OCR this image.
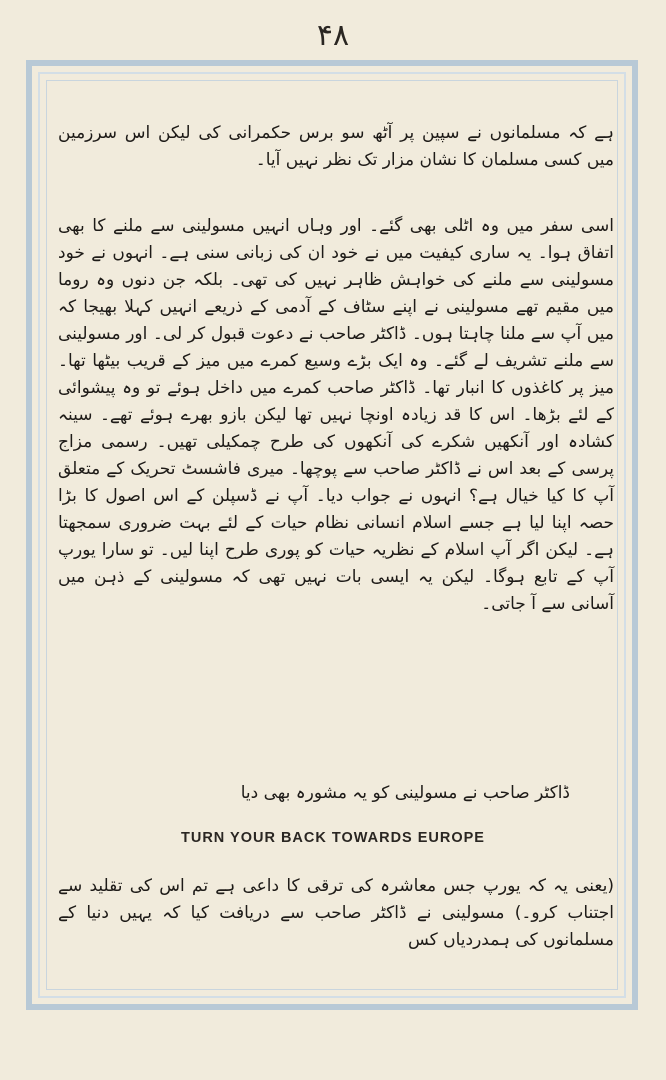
۴۸
ہے کہ مسلمانوں نے سپین پر آٹھ سو برس حکمرانی کی لیکن اس سرزمین میں کسی مسلمان کا نشان مزار تک نظر نہیں آیا۔
اسی سفر میں وہ اٹلی بھی گئے۔ اور وہاں انہیں مسولینی سے ملنے کا بھی اتفاق ہوا۔ یہ ساری کیفیت میں نے خود ان کی زبانی سنی ہے۔ انہوں نے خود مسولینی سے ملنے کی خواہش ظاہر نہیں کی تھی۔ بلکہ جن دنوں وہ روما میں مقیم تھے مسولینی نے اپنے سٹاف کے آدمی کے ذریعے انہیں کہلا بھیجا کہ میں آپ سے ملنا چاہتا ہوں۔ ڈاکٹر صاحب نے دعوت قبول کر لی۔ اور مسولینی سے ملنے تشریف لے گئے۔ وہ ایک بڑے وسیع کمرے میں میز کے قریب بیٹھا تھا۔ میز پر کاغذوں کا انبار تھا۔ ڈاکٹر صاحب کمرے میں داخل ہوئے تو وہ پیشوائی کے لئے بڑھا۔ اس کا قد زیادہ اونچا نہیں تھا لیکن بازو بھرے ہوئے تھے۔ سینہ کشادہ اور آنکھیں شکرے کی آنکھوں کی طرح چمکیلی تھیں۔ رسمی مزاج پرسی کے بعد اس نے ڈاکٹر صاحب سے پوچھا۔ میری فاشسٹ تحریک کے متعلق آپ کا کیا خیال ہے؟ انہوں نے جواب دیا۔ آپ نے ڈسپلن کے اس اصول کا بڑا حصہ اپنا لیا ہے جسے اسلام انسانی نظام حیات کے لئے بہت ضروری سمجھتا ہے۔ لیکن اگر آپ اسلام کے نظریہ حیات کو پوری طرح اپنا لیں۔ تو سارا یورپ آپ کے تابع ہوگا۔ لیکن یہ ایسی بات نہیں تھی کہ مسولینی کے ذہن میں آسانی سے آ جاتی۔
ڈاکٹر صاحب نے مسولینی کو یہ مشورہ بھی دیا
TURN YOUR BACK TOWARDS EUROPE
(یعنی یہ کہ یورپ جس معاشرہ کی ترقی کا داعی ہے تم اس کی تقلید سے اجتناب کرو۔) مسولینی نے ڈاکٹر صاحب سے دریافت کیا کہ یہیں دنیا کے مسلمانوں کی ہمدردیاں کس
